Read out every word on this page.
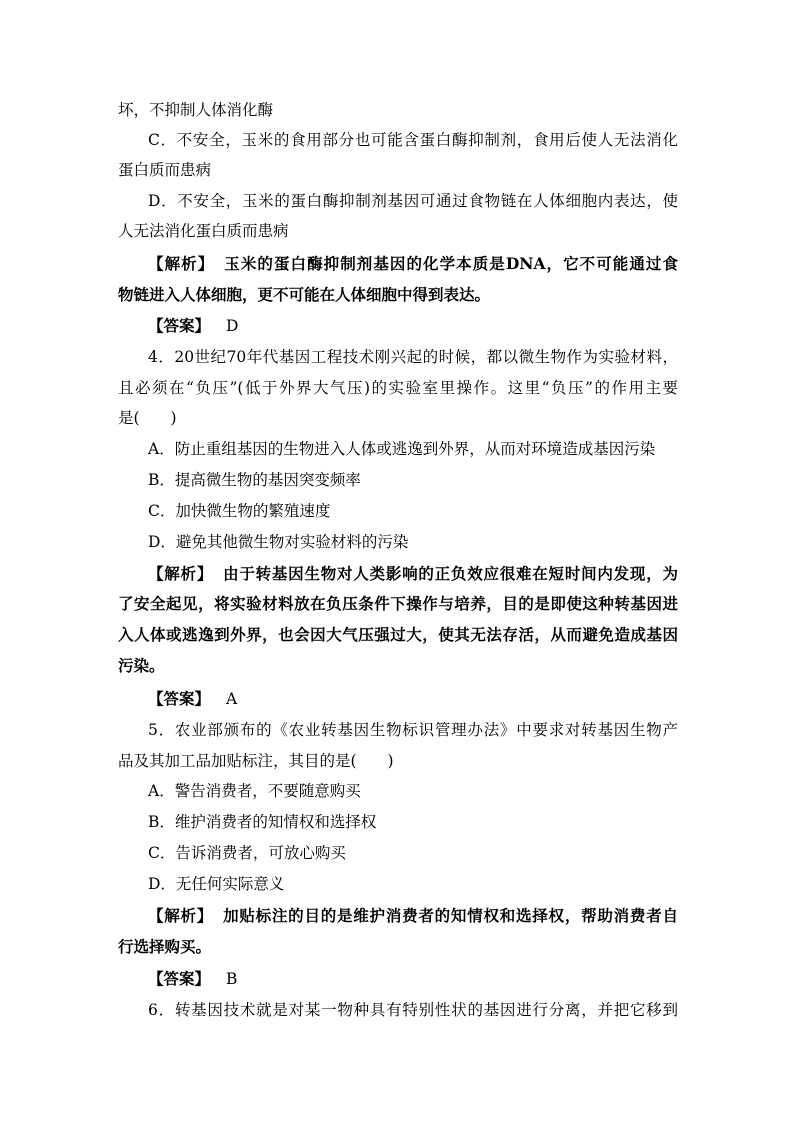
坏，不抑制人体消化酶
C．不安全，玉米的食用部分也可能含蛋白酶抑制剂，食用后使人无法消化
蛋白质而患病
D．不安全，玉米的蛋白酶抑制剂基因可通过食物链在人体细胞内表达，使
人无法消化蛋白质而患病
【解析】 玉米的蛋白酶抑制剂基因的化学本质是DNA，它不可能通过食
物链进入人体细胞，更不可能在人体细胞中得到表达。
【答案】 D
4．20世纪70年代基因工程技术刚兴起的时候，都以微生物作为实验材料，
且必须在“负压”(低于外界大气压)的实验室里操作。这里“负压”的作用主要
是(　　)
A．防止重组基因的生物进入人体或逃逸到外界，从而对环境造成基因污染
B．提高微生物的基因突变频率
C．加快微生物的繁殖速度
D．避免其他微生物对实验材料的污染
【解析】 由于转基因生物对人类影响的正负效应很难在短时间内发现，为
了安全起见，将实验材料放在负压条件下操作与培养，目的是即使这种转基因进
入人体或逃逸到外界，也会因大气压强过大，使其无法存活，从而避免造成基因
污染。
【答案】 A
5．农业部颁布的《农业转基因生物标识管理办法》中要求对转基因生物产
品及其加工品加贴标注，其目的是(　　)
A．警告消费者，不要随意购买
B．维护消费者的知情权和选择权
C．告诉消费者，可放心购买
D．无任何实际意义
【解析】 加贴标注的目的是维护消费者的知情权和选择权，帮助消费者自
行选择购买。
【答案】 B
6．转基因技术就是对某一物种具有特别性状的基因进行分离，并把它移到
